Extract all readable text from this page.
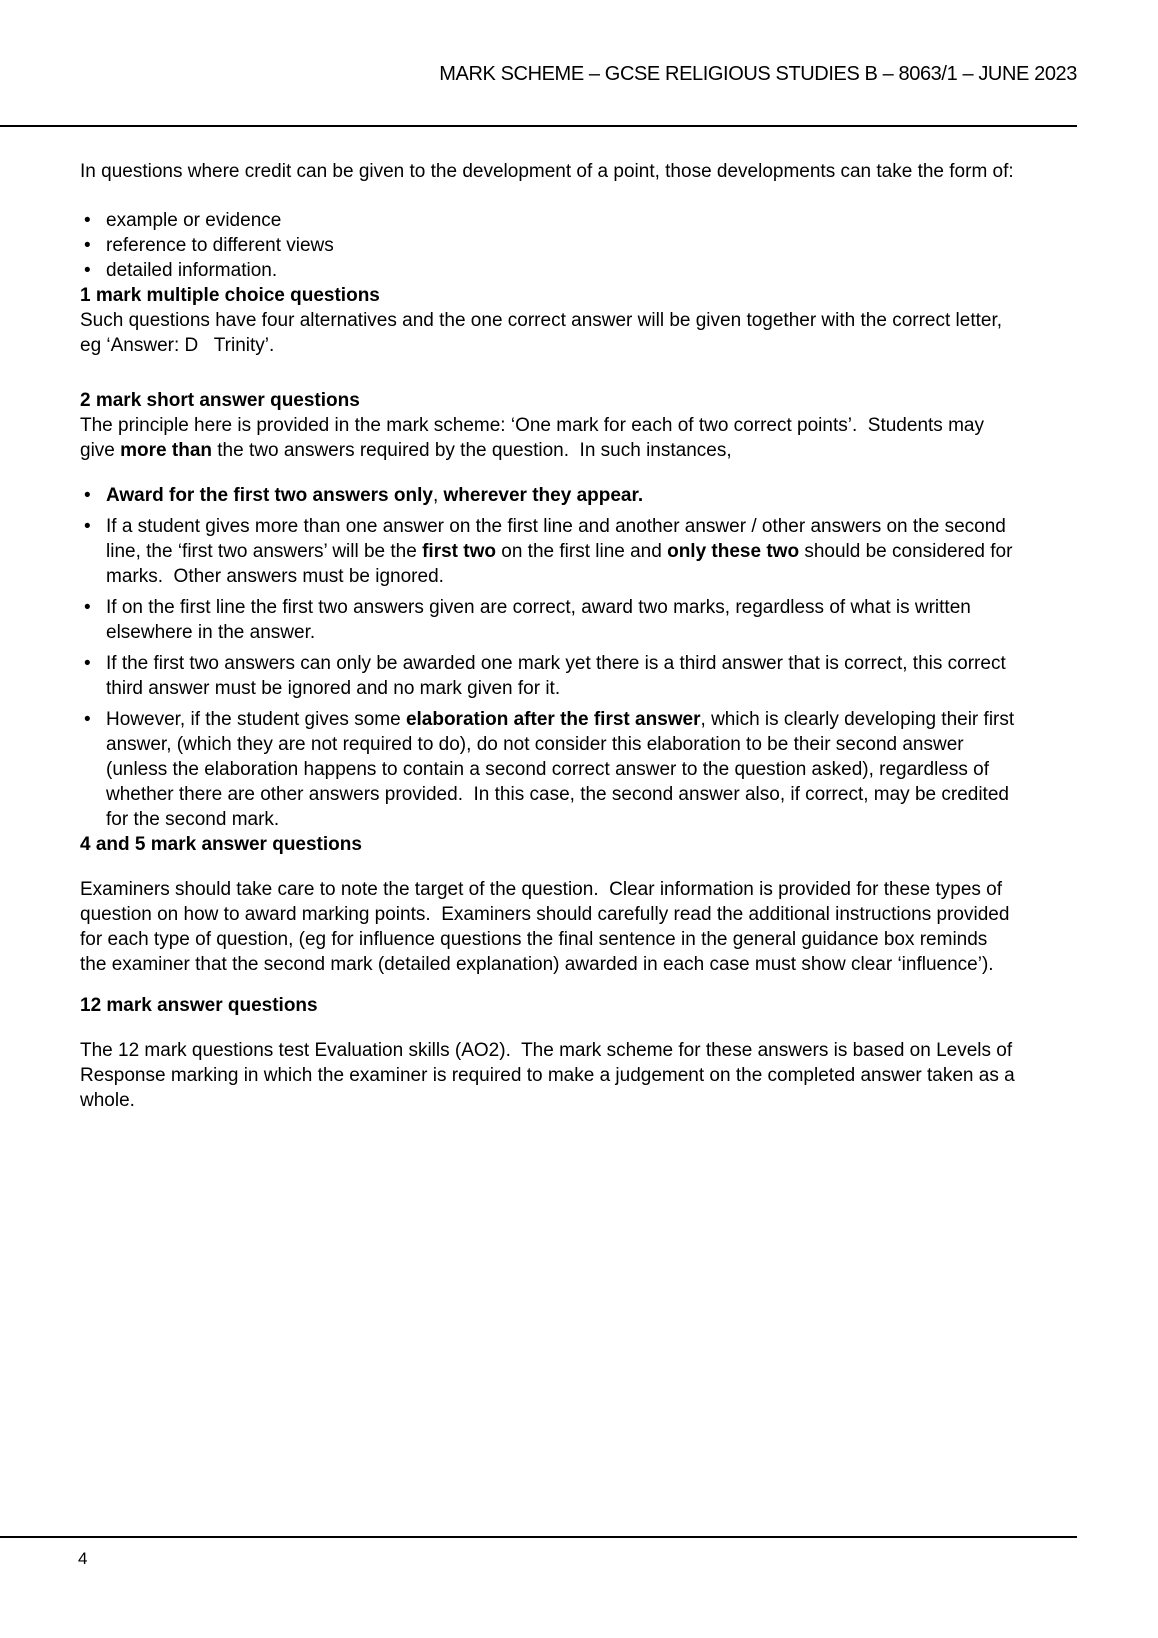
MARK SCHEME – GCSE RELIGIOUS STUDIES B – 8063/1 – JUNE 2023

In questions where credit can be given to the development of a point, those developments can take the form of:

• example or evidence
• reference to different views
• detailed information.
1 mark multiple choice questions

Such questions have four alternatives and the one correct answer will be given together with the correct letter, eg ‘Answer: D   Trinity’.

2 mark short answer questions

The principle here is provided in the mark scheme: ‘One mark for each of two correct points’.  Students may give more than the two answers required by the question.  In such instances,

• Award for the first two answers only, wherever they appear.
• If a student gives more than one answer on the first line and another answer / other answers on the second line, the ‘first two answers’ will be the first two on the first line and only these two should be considered for marks.  Other answers must be ignored.
• If on the first line the first two answers given are correct, award two marks, regardless of what is written elsewhere in the answer.
• If the first two answers can only be awarded one mark yet there is a third answer that is correct, this correct third answer must be ignored and no mark given for it.
• However, if the student gives some elaboration after the first answer, which is clearly developing their first answer, (which they are not required to do), do not consider this elaboration to be their second answer (unless the elaboration happens to contain a second correct answer to the question asked), regardless of whether there are other answers provided.  In this case, the second answer also, if correct, may be credited for the second mark.
4 and 5 mark answer questions

Examiners should take care to note the target of the question.  Clear information is provided for these types of question on how to award marking points.  Examiners should carefully read the additional instructions provided for each type of question, (eg for influence questions the final sentence in the general guidance box reminds the examiner that the second mark (detailed explanation) awarded in each case must show clear ‘influence’).

12 mark answer questions

The 12 mark questions test Evaluation skills (AO2).  The mark scheme for these answers is based on Levels of Response marking in which the examiner is required to make a judgement on the completed answer taken as a whole.

4
